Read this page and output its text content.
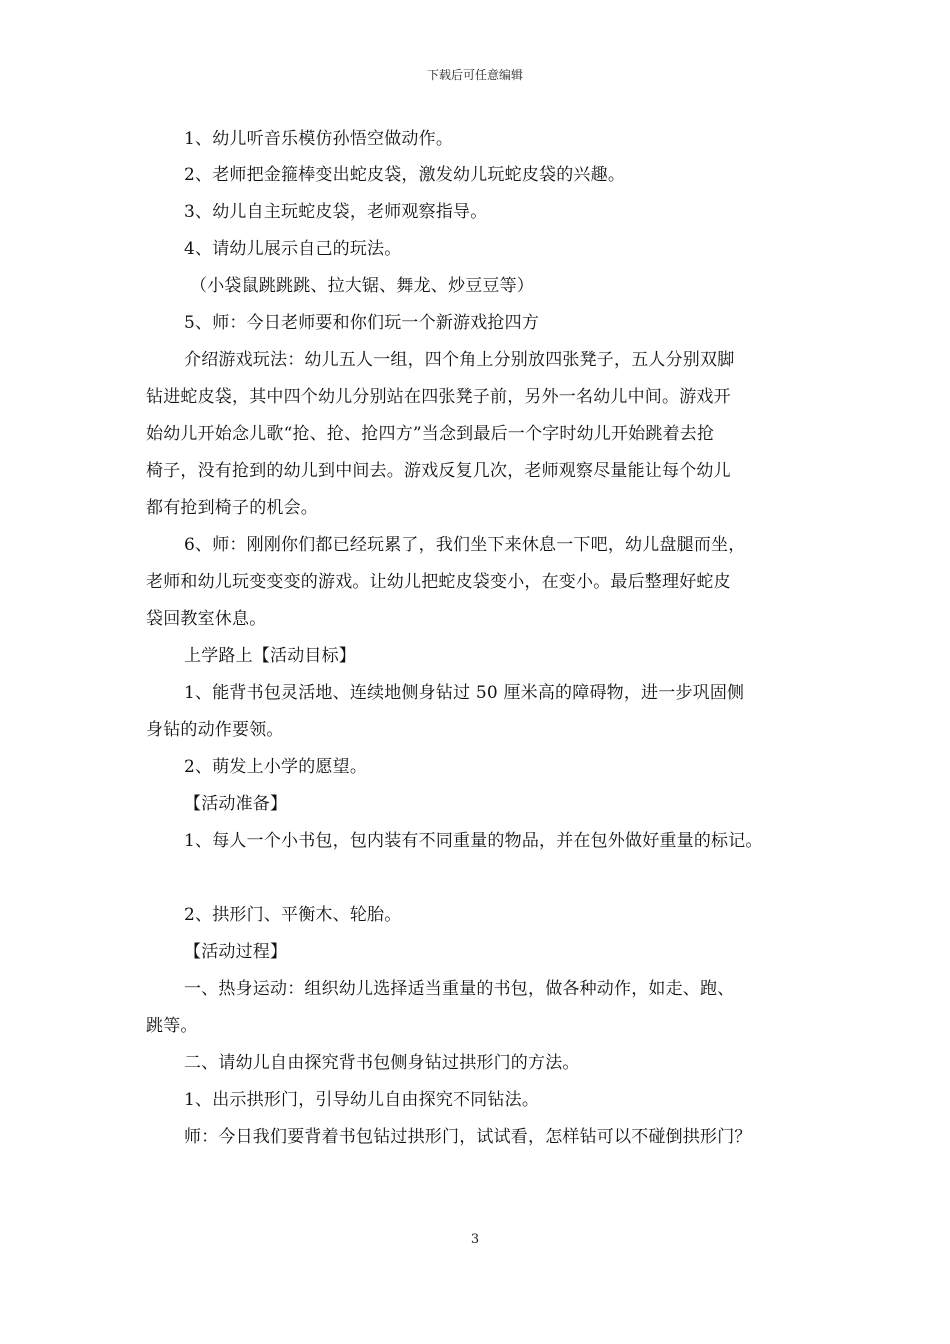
下载后可任意编辑
1、幼儿听音乐模仿孙悟空做动作。
2、老师把金箍棒变出蛇皮袋，激发幼儿玩蛇皮袋的兴趣。
3、幼儿自主玩蛇皮袋，老师观察指导。
4、请幼儿展示自己的玩法。
（小袋鼠跳跳跳、拉大锯、舞龙、炒豆豆等）
5、师：今日老师要和你们玩一个新游戏抢四方
介绍游戏玩法：幼儿五人一组，四个角上分别放四张凳子，五人分别双脚
钻进蛇皮袋，其中四个幼儿分别站在四张凳子前，另外一名幼儿中间。游戏开
始幼儿开始念儿歌“抢、抢、抢四方”当念到最后一个字时幼儿开始跳着去抢
椅子，没有抢到的幼儿到中间去。游戏反复几次，老师观察尽量能让每个幼儿
都有抢到椅子的机会。
6、师：刚刚你们都已经玩累了，我们坐下来休息一下吧，幼儿盘腿而坐，
老师和幼儿玩变变变的游戏。让幼儿把蛇皮袋变小，在变小。最后整理好蛇皮
袋回教室休息。
上学路上【活动目标】
1、能背书包灵活地、连续地侧身钻过 50 厘米高的障碍物，进一步巩固侧
身钻的动作要领。
2、萌发上小学的愿望。
【活动准备】
1、每人一个小书包，包内装有不同重量的物品，并在包外做好重量的标记。
2、拱形门、平衡木、轮胎。
【活动过程】
一、热身运动：组织幼儿选择适当重量的书包，做各种动作，如走、跑、
跳等。
二、请幼儿自由探究背书包侧身钻过拱形门的方法。
1、出示拱形门，引导幼儿自由探究不同钻法。
师：今日我们要背着书包钻过拱形门，试试看，怎样钻可以不碰倒拱形门？
3
